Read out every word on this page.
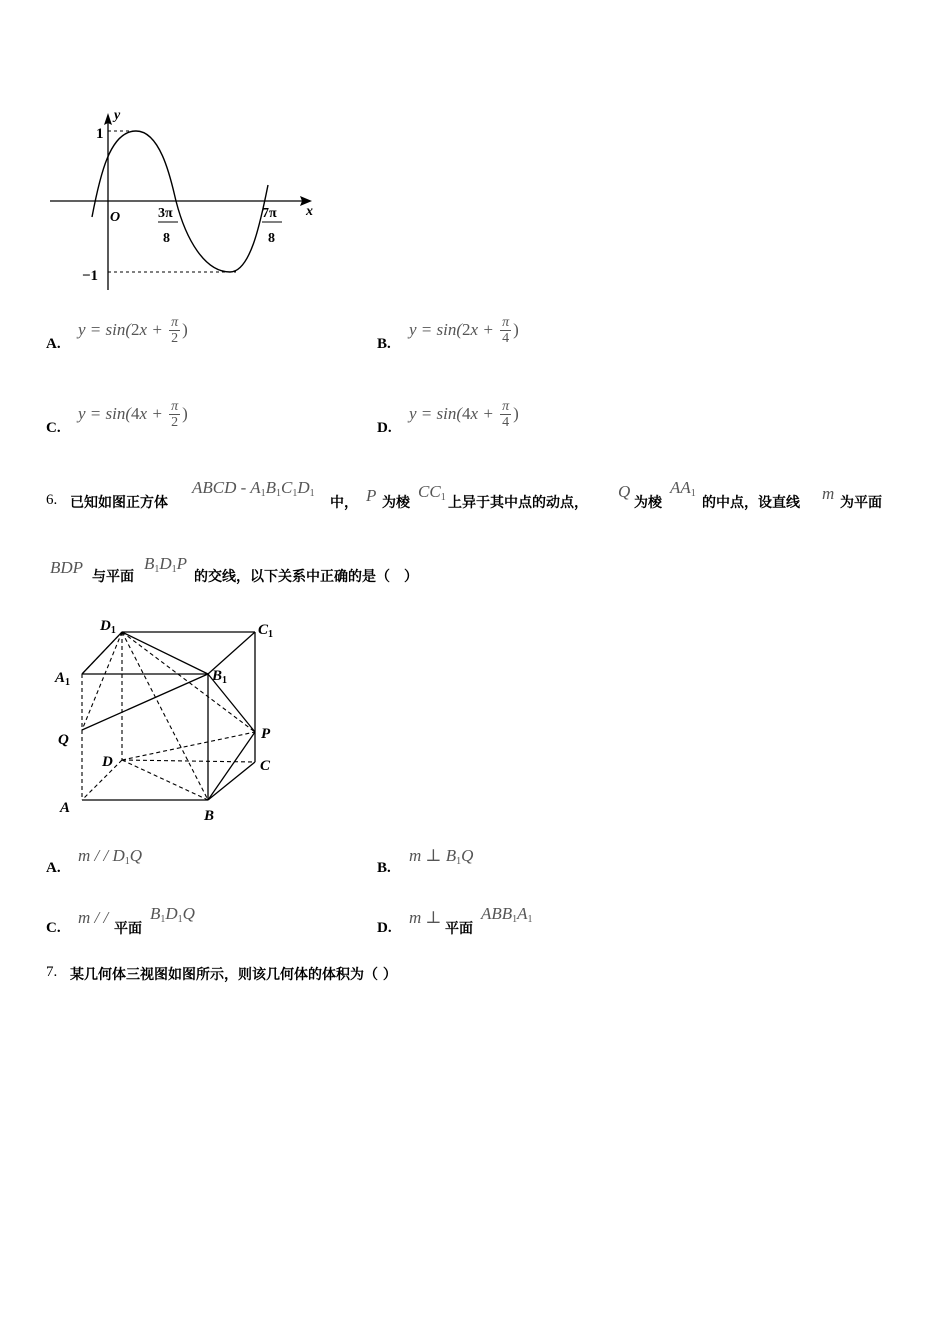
y
x
O
1
−1
3π
8
7π
8
A.
$y = \sin(2x + \frac{\pi}{2}$ )
B.
$y = \sin(2x + \frac{\pi}{4}$ )
C.
$y = \sin(4x + \frac{\pi}{2}$ )
D.
$y = \sin(4x + \frac{\pi}{4}$ )
6. 已知如图正方体
ABCD - $A_1B_1C_1D_1$
中， P 为棱
$CC_1$ 上异于其中点的动点，
Q
为棱
$AA_1$
的中点，设直线 m 为平面
BDP 与平面
$B_1D_1P$
的交线，以下关系中正确的是（　）
$D_1$	$C_1$
$A_1$	$B_1$
Q	P
D	C
A	B
A.
m / / $D_1Q$
B.
m ⊥ $B_1Q$
C.
m / /
平面
$B_1D_1Q$
D.
m ⊥
平面
$ABB_1A_1$
7. 某几何体三视图如图所示，则该几何体的体积为（ ）
